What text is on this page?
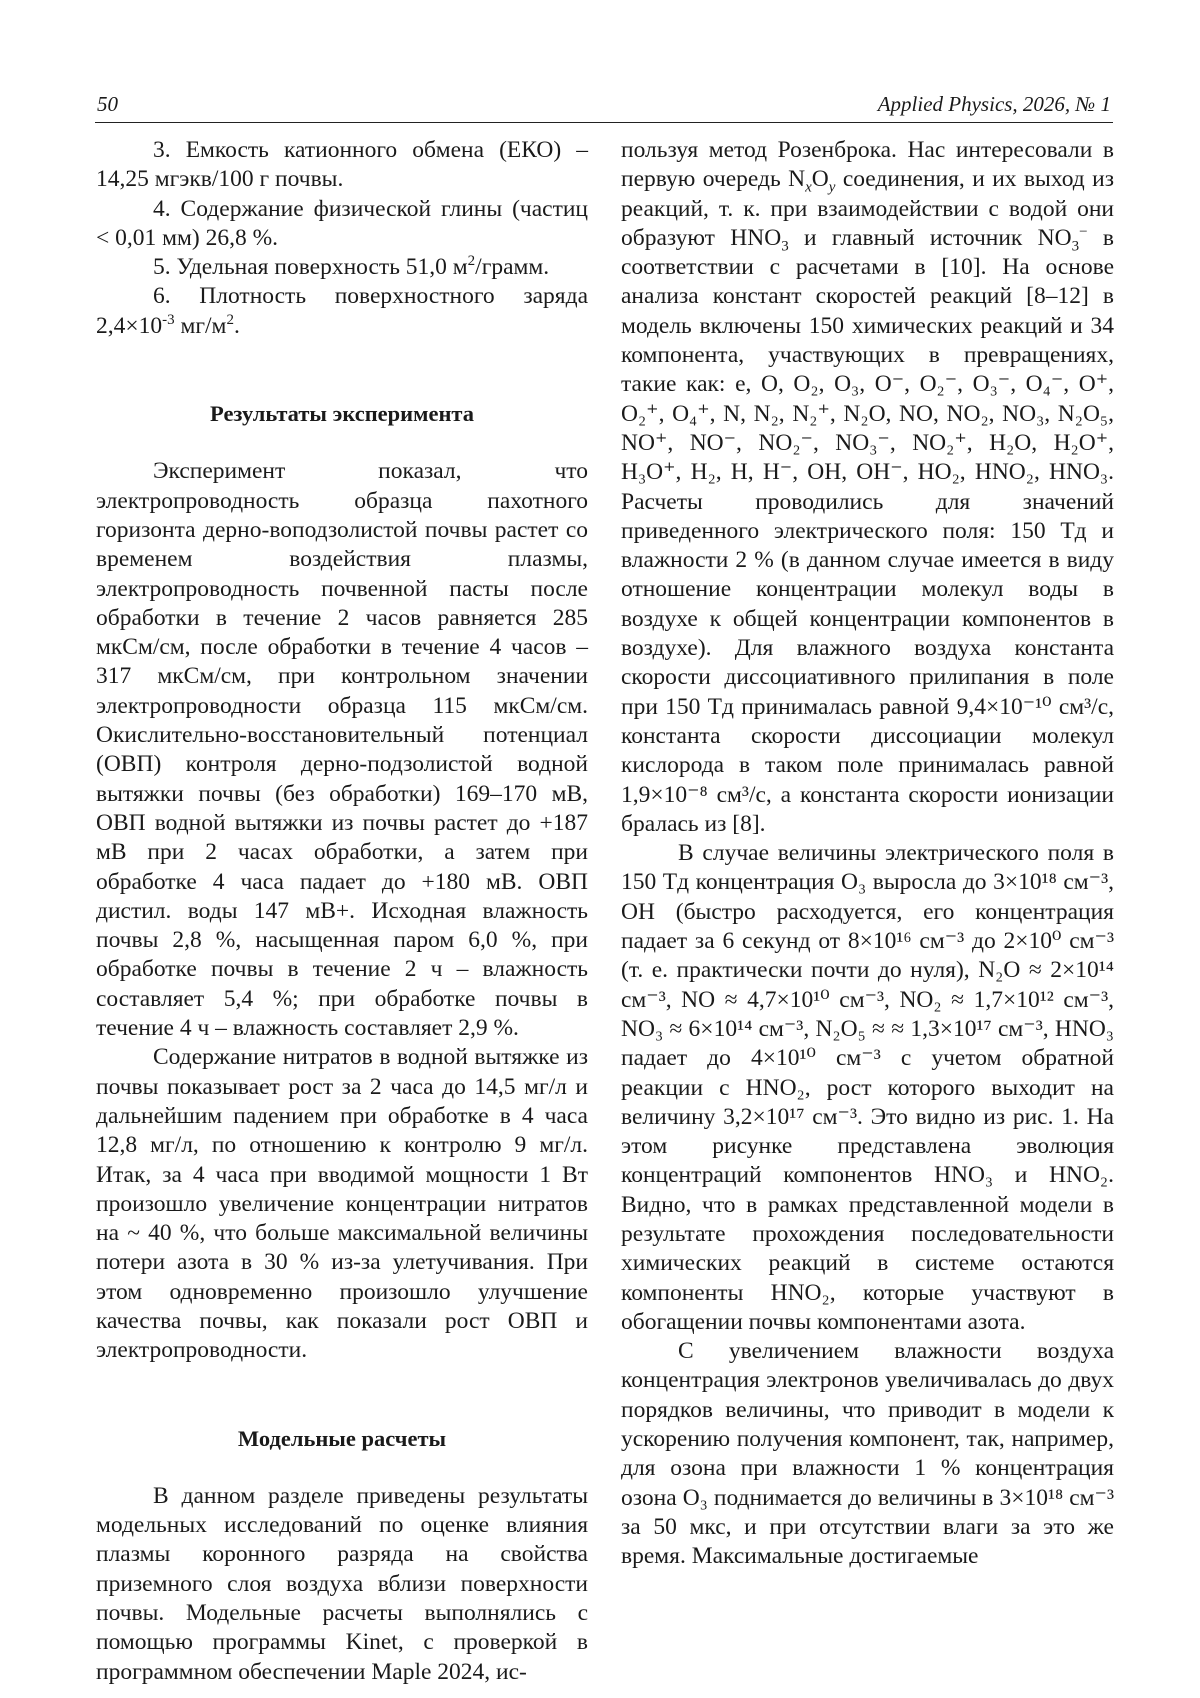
50	Applied Physics, 2026, № 1

3. Емкость катионного обмена (ЕКО) – 14,25 мгэкв/100 г почвы.

4. Содержание физической глины (частиц < 0,01 мм) 26,8 %.

5. Удельная поверхность 51,0 $м^2$/грамм.

6. Плотность поверхностного заряда $2,4\times 10^{-3}$ $мг/м^2$.

Результаты эксперимента

Эксперимент показал, что электропроводность образца пахотного горизонта дерно-воподзолистой почвы растет со временем воздействия плазмы, электропроводность почвенной пасты после обработки в течение 2 часов равняется 285 мкСм/см, после обработки в течение 4 часов – 317 мкСм/см, при контрольном значении электропроводности образца 115 мкСм/см. Окислительно-восстановительный потенциал (ОВП) контроля дерно-подзолистой водной вытяжки почвы (без обработки) 169–170 мВ, ОВП водной вытяжки из почвы растет до +187 мВ при 2 часах обработки, а затем при обработке 4 часа падает до +180 мВ. ОВП дистил. воды 147 мВ+. Исходная влажность почвы 2,8 %, насыщенная паром 6,0 %, при обработке почвы в течение 2 ч – влажность составляет 5,4 %; при обработке почвы в течение 4 ч – влажность составляет 2,9 %.

Содержание нитратов в водной вытяжке из почвы показывает рост за 2 часа до 14,5 мг/л и дальнейшим падением при обработке в 4 часа 12,8 мг/л, по отношению к контролю 9 мг/л. Итак, за 4 часа при вводимой мощности 1 Вт произошло увеличение концентрации нитратов на ~ 40 %, что больше максимальной величины потери азота в 30 % из-за улетучивания. При этом одновременно произошло улучшение качества почвы, как показали рост ОВП и электропроводности.

Модельные расчеты

В данном разделе приведены результаты модельных исследований по оценке влияния плазмы коронного разряда на свойства приземного слоя воздуха вблизи поверхности почвы. Модельные расчеты выполнялись с помощью программы Kinet, с проверкой в программном обеспечении Maple 2024, ис-

пользуя метод Розенброка. Нас интересовали в первую очередь $N_xO_y$ соединения, и их выход из реакций, т. к. при взаимодействии с водой они образуют $HNO_3$ и главный источник $NO_3^-$ в соответствии с расчетами в [10]. На основе анализа констант скоростей реакций [8–12] в модель включены 150 химических реакций и 34 компонента, участвующих в превращениях, такие как: e, O, O₂, O₃, O⁻, O₂⁻, O₃⁻, O₄⁻, O⁺, O₂⁺, O₄⁺, N, N₂, N₂⁺, N₂O, NO, NO₂, NO₃, N₂O₅, NO⁺, NO⁻, NO₂⁻, NO₃⁻, NO₂⁺, H₂O, H₂O⁺, H₃O⁺, H₂, H, H⁻, OH, OH⁻, HO₂, HNO₂, HNO₃. Расчеты проводились для значений приведенного электрического поля: 150 Тд и влажности 2 % (в данном случае имеется в виду отношение концентрации молекул воды в воздухе к общей концентрации компонентов в воздухе). Для влажного воздуха константа скорости диссоциативного прилипания в поле при 150 Тд принималась равной 9,4×10⁻¹⁰ см³/с, константа скорости диссоциации молекул кислорода в таком поле принималась равной 1,9×10⁻⁸ см³/с, а константа скорости ионизации бралась из [8].

В случае величины электрического поля в 150 Тд концентрация O₃ выросла до 3×10¹⁸ см⁻³, OH (быстро расходуется, его концентрация падает за 6 секунд от 8×10¹⁶ см⁻³ до 2×10⁰ см⁻³ (т. е. практически почти до нуля), N₂O ≈ 2×10¹⁴ см⁻³, NO ≈ 4,7×10¹⁰ см⁻³, NO₂ ≈ 1,7×10¹² см⁻³, NO₃ ≈ 6×10¹⁴ см⁻³, N₂O₅ ≈ ≈ 1,3×10¹⁷ см⁻³, HNO₃ падает до 4×10¹⁰ см⁻³ с учетом обратной реакции с HNO₂, рост которого выходит на величину 3,2×10¹⁷ см⁻³. Это видно из рис. 1. На этом рисунке представлена эволюция концентраций компонентов HNO₃ и HNO₂. Видно, что в рамках представленной модели в результате прохождения последовательности химических реакций в системе остаются компоненты HNO₂, которые участвуют в обогащении почвы компонентами азота.

С увеличением влажности воздуха концентрация электронов увеличивалась до двух порядков величины, что приводит в модели к ускорению получения компонент, так, например, для озона при влажности 1 % концентрация озона O₃ поднимается до величины в 3×10¹⁸ см⁻³ за 50 мкс, и при отсутствии влаги за это же время. Максимальные достигаемые
